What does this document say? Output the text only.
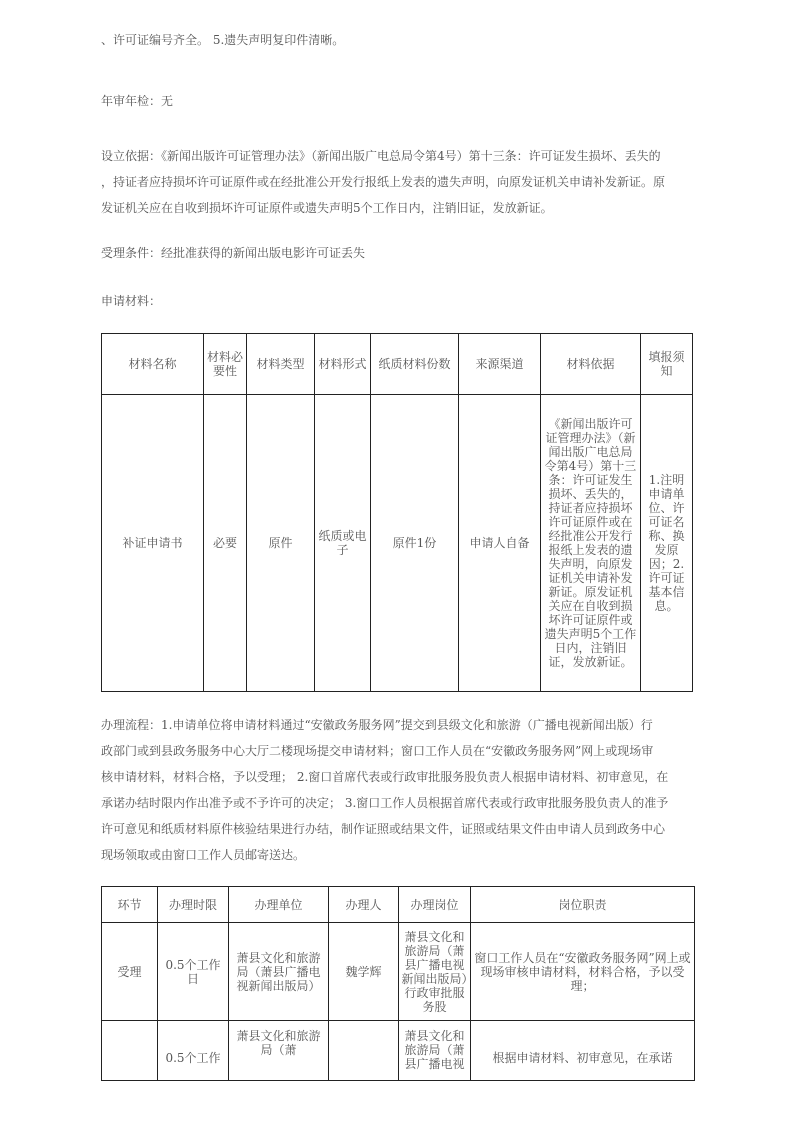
、许可证编号齐全。 5.遗失声明复印件清晰。
年审年检：无
设立依据：《新闻出版许可证管理办法》（新闻出版广电总局令第4号）第十三条：许可证发生损坏、丢失的
，持证者应持损坏许可证原件或在经批准公开发行报纸上发表的遗失声明，向原发证机关申请补发新证。原
发证机关应在自收到损坏许可证原件或遗失声明5个工作日内，注销旧证，发放新证。
受理条件：经批准获得的新闻出版电影许可证丢失
申请材料：
材料名称	材料必要性	材料类型	材料形式	纸质材料份数	来源渠道	材料依据	填报须知
补证申请书	必要	原件	纸质或电子	原件1份	申请人自备	《新闻出版许可证管理办法》（新闻出版广电总局令第4号）第十三条：许可证发生损坏、丢失的，持证者应持损坏许可证原件或在经批准公开发行报纸上发表的遗失声明，向原发证机关申请补发新证。原发证机关应在自收到损坏许可证原件或遗失声明5个工作日内，注销旧证，发放新证。	1.注明申请单位、许可证名称、换发原因；2.许可证基本信息。
办理流程：1.申请单位将申请材料通过“安徽政务服务网”提交到县级文化和旅游（广播电视新闻出版）行
政部门或到县政务服务中心大厅二楼现场提交申请材料；窗口工作人员在“安徽政务服务网”网上或现场审
核申请材料，材料合格，予以受理； 2.窗口首席代表或行政审批服务股负责人根据申请材料、初审意见，在
承诺办结时限内作出准予或不予许可的决定； 3.窗口工作人员根据首席代表或行政审批服务股负责人的准予
许可意见和纸质材料原件核验结果进行办结，制作证照或结果文件，证照或结果文件由申请人员到政务中心
现场领取或由窗口工作人员邮寄送达。
环节	办理时限	办理单位	办理人	办理岗位	岗位职责
受理	0.5个工作日	萧县文化和旅游局（萧县广播电视新闻出版局）	魏学辉	萧县文化和旅游局（萧县广播电视新闻出版局）行政审批服务股	窗口工作人员在“安徽政务服务网”网上或现场审核申请材料，材料合格，予以受理；
	0.5个工作	萧县文化和旅游局（萧		萧县文化和旅游局（萧县广播电视	根据申请材料、初审意见，在承诺
